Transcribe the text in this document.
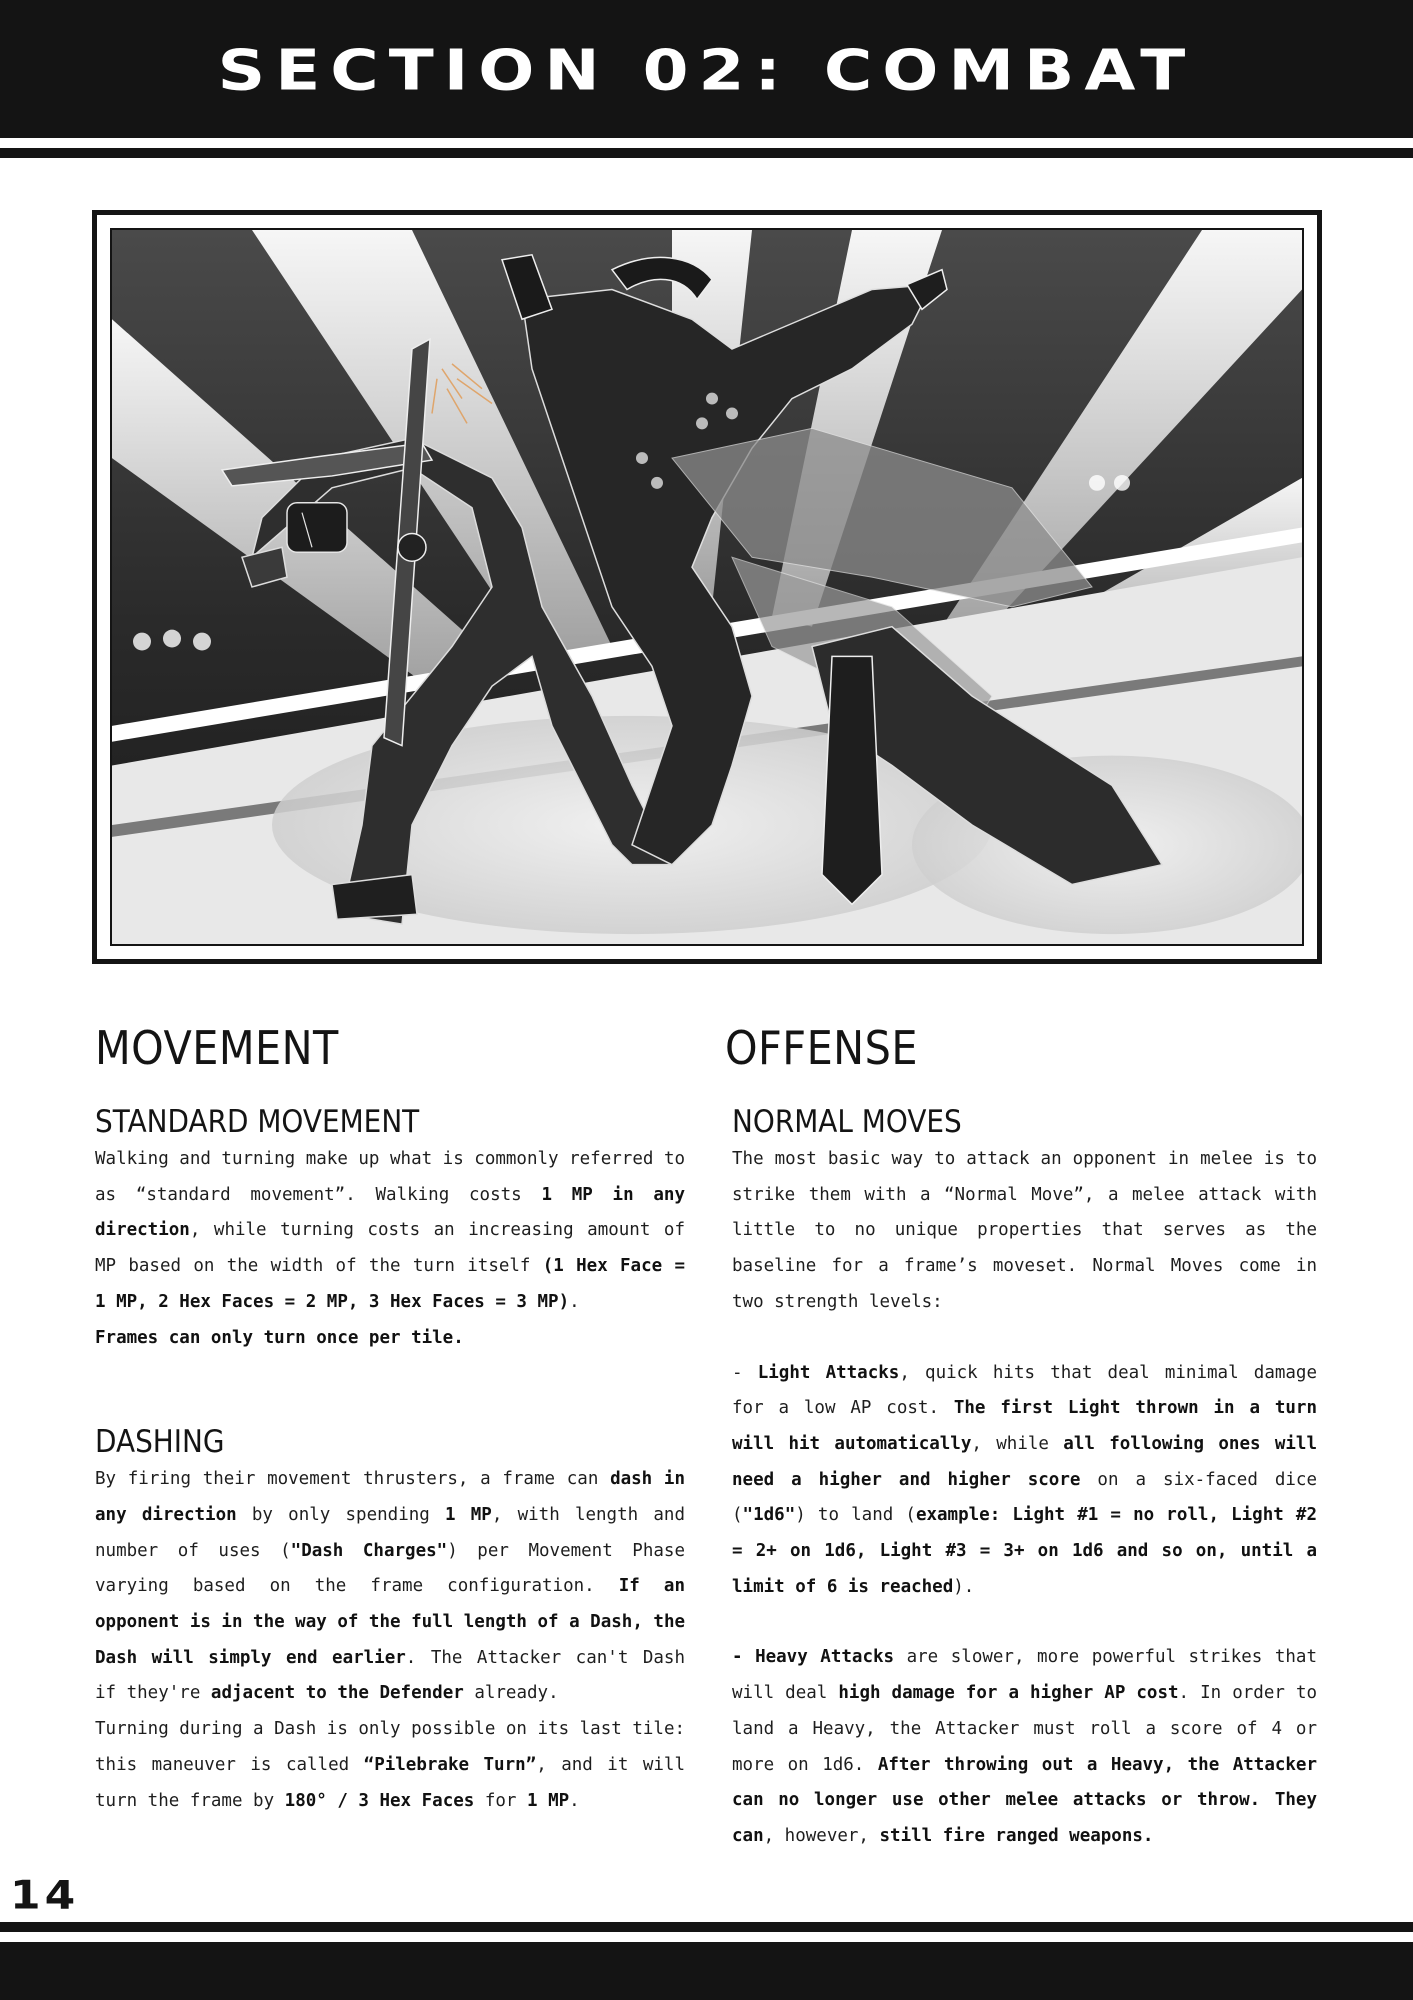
SECTION 02: COMBAT
MOVEMENT
STANDARD MOVEMENT

Walking and turning make up what is commonly referred to as “standard movement”. Walking costs 1 MP in any direction, while turning costs an increasing amount of MP based on the width of the turn itself (1 Hex Face = 1 MP, 2 Hex Faces = 2 MP, 3 Hex Faces = 3 MP).
Frames can only turn once per tile.

DASHING

By firing their movement thrusters, a frame can dash in any direction by only spending 1 MP, with length and number of uses ("Dash Charges") per Movement Phase varying based on the frame configuration. If an opponent is in the way of the full length of a Dash, the Dash will simply end earlier. The Attacker can't Dash if they're adjacent to the Defender already.
Turning during a Dash is only possible on its last tile: this maneuver is called “Pilebrake Turn”, and it will turn the frame by 180° / 3 Hex Faces for 1 MP.

OFFENSE
NORMAL MOVES

The most basic way to attack an opponent in melee is to strike them with a “Normal Move”, a melee attack with little to no unique properties that serves as the baseline for a frame’s moveset. Normal Moves come in two strength levels:

- Light Attacks, quick hits that deal minimal damage for a low AP cost. The first Light thrown in a turn will hit automatically, while all following ones will need a higher and higher score on a six-faced dice ("1d6") to land (example: Light #1 = no roll, Light #2 = 2+ on 1d6, Light #3 = 3+ on 1d6 and so on, until a limit of 6 is reached).

- Heavy Attacks are slower, more powerful strikes that will deal high damage for a higher AP cost. In order to land a Heavy, the Attacker must roll a score of 4 or more on 1d6. After throwing out a Heavy, the Attacker can no longer use other melee attacks or throw. They can, however, still fire ranged weapons.

14
